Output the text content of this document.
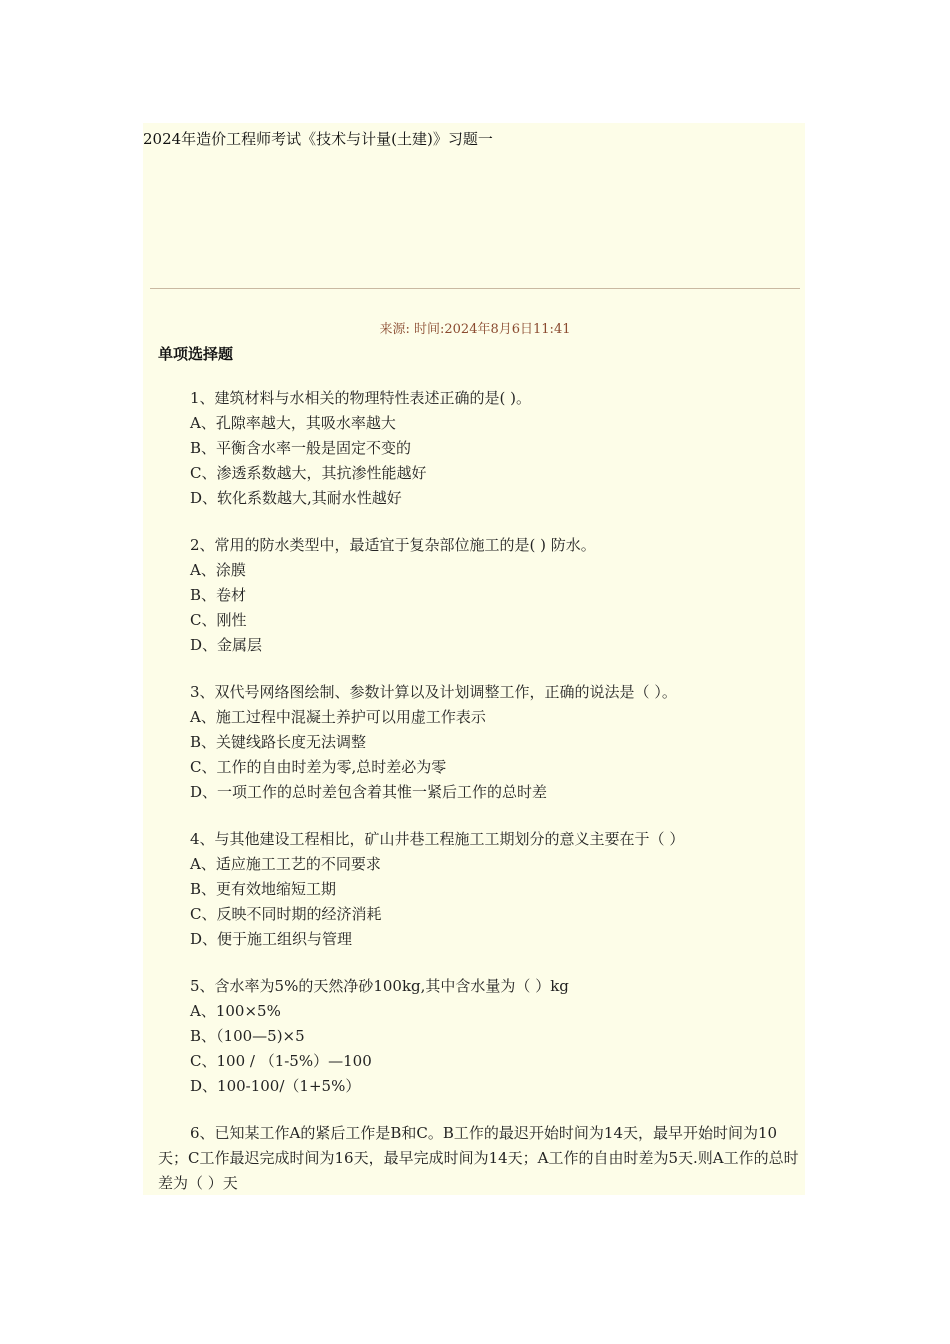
2024年造价工程师考试《技术与计量(土建)》习题一
来源: 时间:2024年8月6日11:41
单项选择题
1、建筑材料与水相关的物理特性表述正确的是( )。
A、孔隙率越大，其吸水率越大
B、平衡含水率一般是固定不变的
C、渗透系数越大，其抗渗性能越好
D、软化系数越大,其耐水性越好
2、常用的防水类型中，最适宜于复杂部位施工的是( ) 防水。
A、涂膜
B、卷材
C、刚性
D、金属层
3、双代号网络图绘制、参数计算以及计划调整工作，正确的说法是（ ）。
A、施工过程中混凝土养护可以用虚工作表示
B、关键线路长度无法调整
C、工作的自由时差为零,总时差必为零
D、一项工作的总时差包含着其惟一紧后工作的总时差
4、与其他建设工程相比，矿山井巷工程施工工期划分的意义主要在于（ ）
A、适应施工工艺的不同要求
B、更有效地缩短工期
C、反映不同时期的经济消耗
D、便于施工组织与管理
5、含水率为5%的天然净砂100kg,其中含水量为（ ）kg
A、100×5%
B、（100—5)×5
C、100 / （1-5%）—100
D、100-100/（1+5%）
6、已知某工作A的紧后工作是B和C。B工作的最迟开始时间为14天，最早开始时间为10天；C工作最迟完成时间为16天，最早完成时间为14天；A工作的自由时差为5天.则A工作的总时差为（ ）天
